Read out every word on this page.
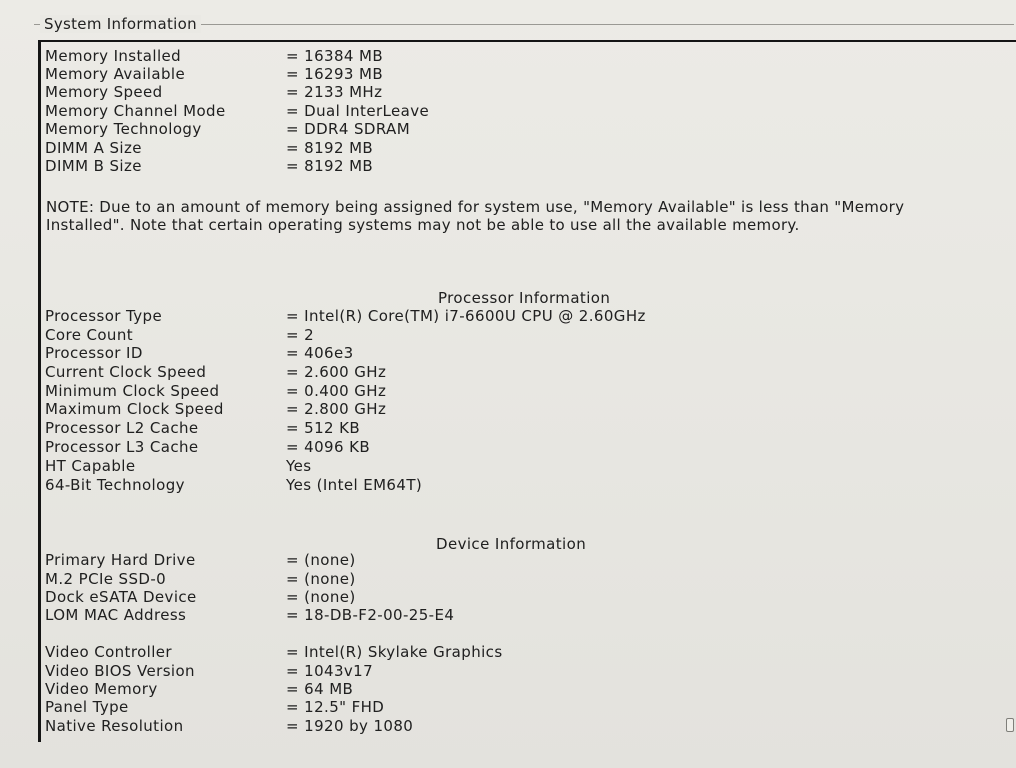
System Information
Memory Installed	= 16384 MB
Memory Available	= 16293 MB
Memory Speed	= 2133 MHz
Memory Channel Mode	= Dual InterLeave
Memory Technology	= DDR4 SDRAM
DIMM A Size	= 8192 MB
DIMM B Size	= 8192 MB
NOTE: Due to an amount of memory being assigned for system use, "Memory Available" is less than "Memory Installed". Note that certain operating systems may not be able to use all the available memory.
Processor Information
Processor Type	= Intel(R) Core(TM) i7-6600U CPU @ 2.60GHz
Core Count	= 2
Processor ID	= 406e3
Current Clock Speed	= 2.600 GHz
Minimum Clock Speed	= 0.400 GHz
Maximum Clock Speed	= 2.800 GHz
Processor L2 Cache	= 512 KB
Processor L3 Cache	= 4096 KB
HT Capable	Yes
64-Bit Technology	Yes (Intel EM64T)
Device Information
Primary Hard Drive	= (none)
M.2 PCIe SSD-0	= (none)
Dock eSATA Device	= (none)
LOM MAC Address	= 18-DB-F2-00-25-E4
Video Controller	= Intel(R) Skylake Graphics
Video BIOS Version	= 1043v17
Video Memory	= 64 MB
Panel Type	= 12.5" FHD
Native Resolution	= 1920 by 1080
